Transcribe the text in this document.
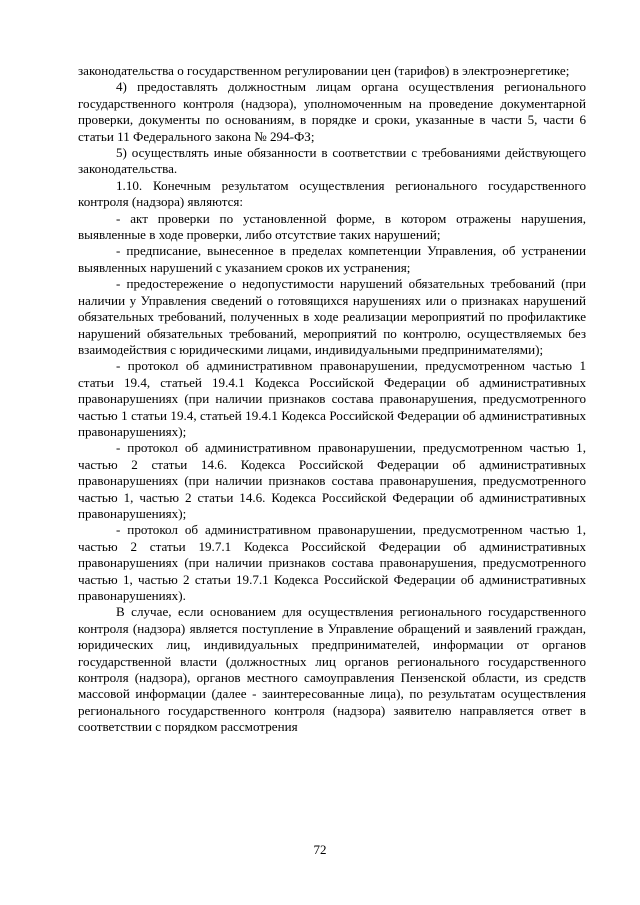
законодательства о государственном регулировании цен (тарифов) в электроэнергетике;

4) предоставлять должностным лицам органа осуществления регионального государственного контроля (надзора), уполномоченным на проведение документарной проверки, документы по основаниям, в порядке и сроки, указанные в части 5, части 6 статьи 11 Федерального закона № 294-ФЗ;

5) осуществлять иные обязанности в соответствии с требованиями действующего законодательства.

1.10. Конечным результатом осуществления регионального государственного контроля (надзора) являются:

- акт проверки по установленной форме, в котором отражены нарушения, выявленные в ходе проверки, либо отсутствие таких нарушений;

- предписание, вынесенное в пределах компетенции Управления, об устранении выявленных нарушений с указанием сроков их устранения;

- предостережение о недопустимости нарушений обязательных требований (при наличии у Управления сведений о готовящихся нарушениях или о признаках нарушений обязательных требований, полученных в ходе реализации мероприятий по профилактике нарушений обязательных требований, мероприятий по контролю, осуществляемых без взаимодействия с юридическими лицами, индивидуальными предпринимателями);

- протокол об административном правонарушении, предусмотренном частью 1 статьи 19.4, статьей 19.4.1 Кодекса Российской Федерации об административных правонарушениях (при наличии признаков состава правонарушения, предусмотренного частью 1 статьи 19.4, статьей 19.4.1 Кодекса Российской Федерации об административных правонарушениях);

- протокол об административном правонарушении, предусмотренном частью 1, частью 2 статьи 14.6. Кодекса Российской Федерации об административных правонарушениях (при наличии признаков состава правонарушения, предусмотренного частью 1, частью 2 статьи 14.6. Кодекса Российской Федерации об административных правонарушениях);

- протокол об административном правонарушении, предусмотренном частью 1, частью 2 статьи 19.7.1 Кодекса Российской Федерации об административных правонарушениях (при наличии признаков состава правонарушения, предусмотренного частью 1, частью 2 статьи 19.7.1 Кодекса Российской Федерации об административных правонарушениях).

В случае, если основанием для осуществления регионального государственного контроля (надзора) является поступление в Управление обращений и заявлений граждан, юридических лиц, индивидуальных предпринимателей, информации от органов государственной власти (должностных лиц органов регионального государственного контроля (надзора), органов местного самоуправления Пензенской области, из средств массовой информации (далее - заинтересованные лица), по результатам осуществления регионального государственного контроля (надзора) заявителю направляется ответ в соответствии с порядком рассмотрения

72
